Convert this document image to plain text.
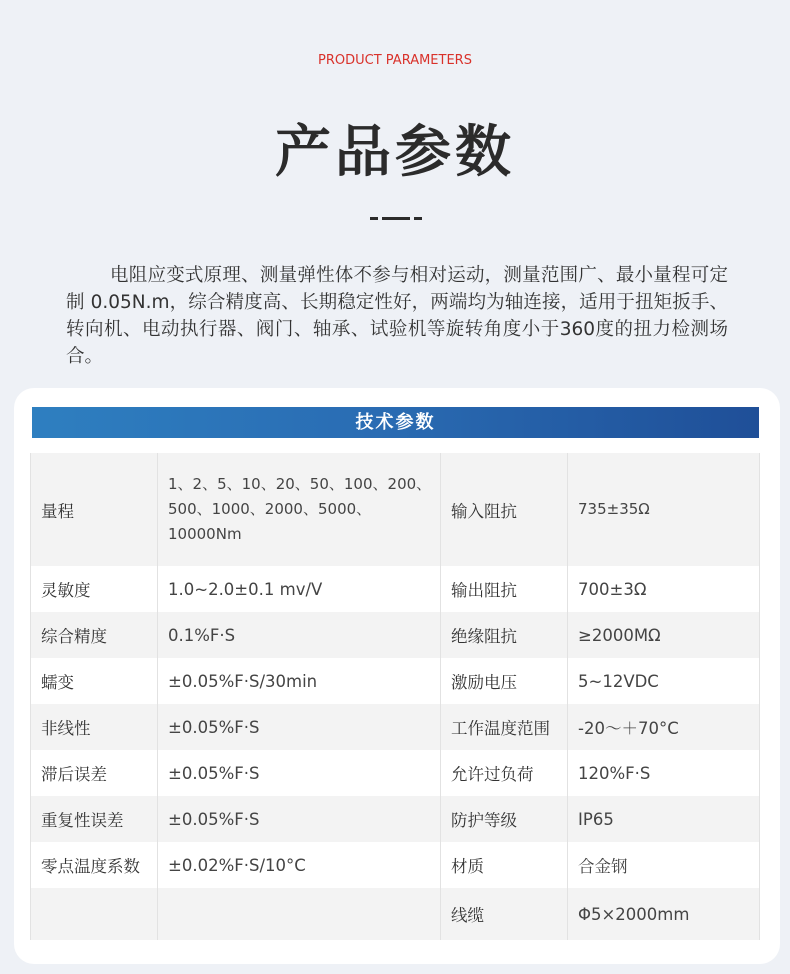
PRODUCT PARAMETERS
产品参数
电阻应变式原理、测量弹性体不参与相对运动，测量范围广、最小量程可定制 0.05N.m，综合精度高、长期稳定性好，两端均为轴连接，适用于扭矩扳手、转向机、电动执行器、阀门、轴承、试验机等旋转角度小于360度的扭力检测场合。
技术参数
量程	1、2、5、10、20、50、100、200、500、1000、2000、5000、10000Nm	输入阻抗	735±35Ω
灵敏度	1.0~2.0±0.1 mv/V	输出阻抗	700±3Ω
综合精度	0.1%F·S	绝缘阻抗	≥2000MΩ
蠕变	±0.05%F·S/30min	激励电压	5~12VDC
非线性	±0.05%F·S	工作温度范围	-20～＋70°C
滞后误差	±0.05%F·S	允许过负荷	120%F·S
重复性误差	±0.05%F·S	防护等级	IP65
零点温度系数	±0.02%F·S/10°C	材质	合金钢
		线缆	Φ5×2000mm
